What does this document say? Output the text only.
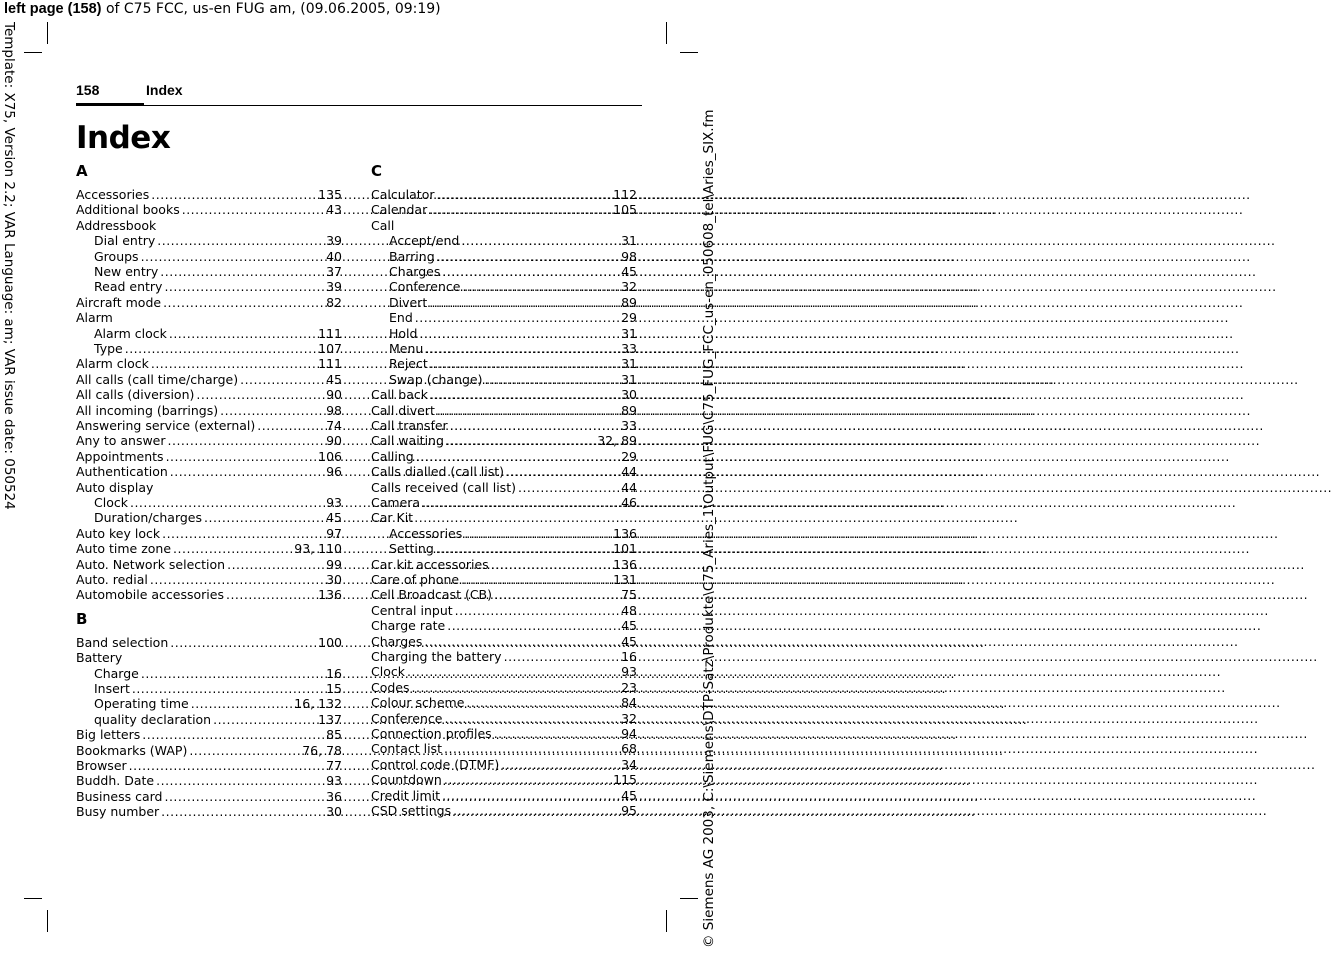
left page (158) of C75 FCC, us-en FUG am, (09.06.2005, 09:19)
Template: X75, Version 2.2; VAR Language: am; VAR issue date: 050524	© Siemens AG 2003, C:\Siemens\DTP-Satz\Produkte\C75_Aries_1\Output\FUG\C75_FUG_FCC_us-en_050608_tel\Aries_SIX.fm
158	Index
Index
A
Accessories .....	135
Additional books .....	43
Addressbook
Dial entry .....	39
Groups .....	40
New entry .....	37
Read entry .....	39
Aircraft mode .....	82
Alarm
Alarm clock .....	111
Type .....	107
Alarm clock .....	111
All calls (call time/charge) .....	45
All calls (diversion) .....	90
All incoming (barrings) .....	98
Answering service (external) .....	74
Any to answer .....	90
Appointments .....	106
Authentication .....	96
Auto display
Clock .....	93
Duration/charges .....	45
Auto key lock .....	97
Auto time zone .....	93, 110
Auto. Network selection .....	99
Auto. redial .....	30
Automobile accessories .....	136
B
Band selection .....	100
Battery
Charge .....	16
Insert .....	15
Operating time .....	16, 132
quality declaration .....	137
Big letters .....	85
Bookmarks (WAP) .....	76, 78
Browser .....	77
Buddh. Date .....	93
Business card .....	36
Busy number .....	30
C
Calculator .....	112
Calendar .....	105
Call
Accept/end .....	31
Barring .....	98
Charges .....	45
Conference .....	32
Divert .....	89
End .....	29
Hold .....	31
Menu .....	33
Reject .....	31
Swap (change) .....	31
Call back .....	30
Call divert .....	89
Call transfer .....	33
Call waiting .....	32, 89
Calling .....	29
Calls dialled (call list) .....	44
Calls received (call list) .....	44
Camera .....	46
Car Kit
Accessories .....	136
Setting .....	101
Car kit accessories .....	136
Care of phone .....	131
Cell Broadcast (CB) .....	75
Central input .....	48
Charge rate .....	45
Charges .....	45
Charging the battery .....	16
Clock .....	93
Codes .....	23
Colour scheme .....	84
Conference .....	32
Connection profiles .....	94
Contact list .....	68
Control code (DTMF) .....	34
Countdown .....	115
Credit limit .....	45
CSD settings .....	95
